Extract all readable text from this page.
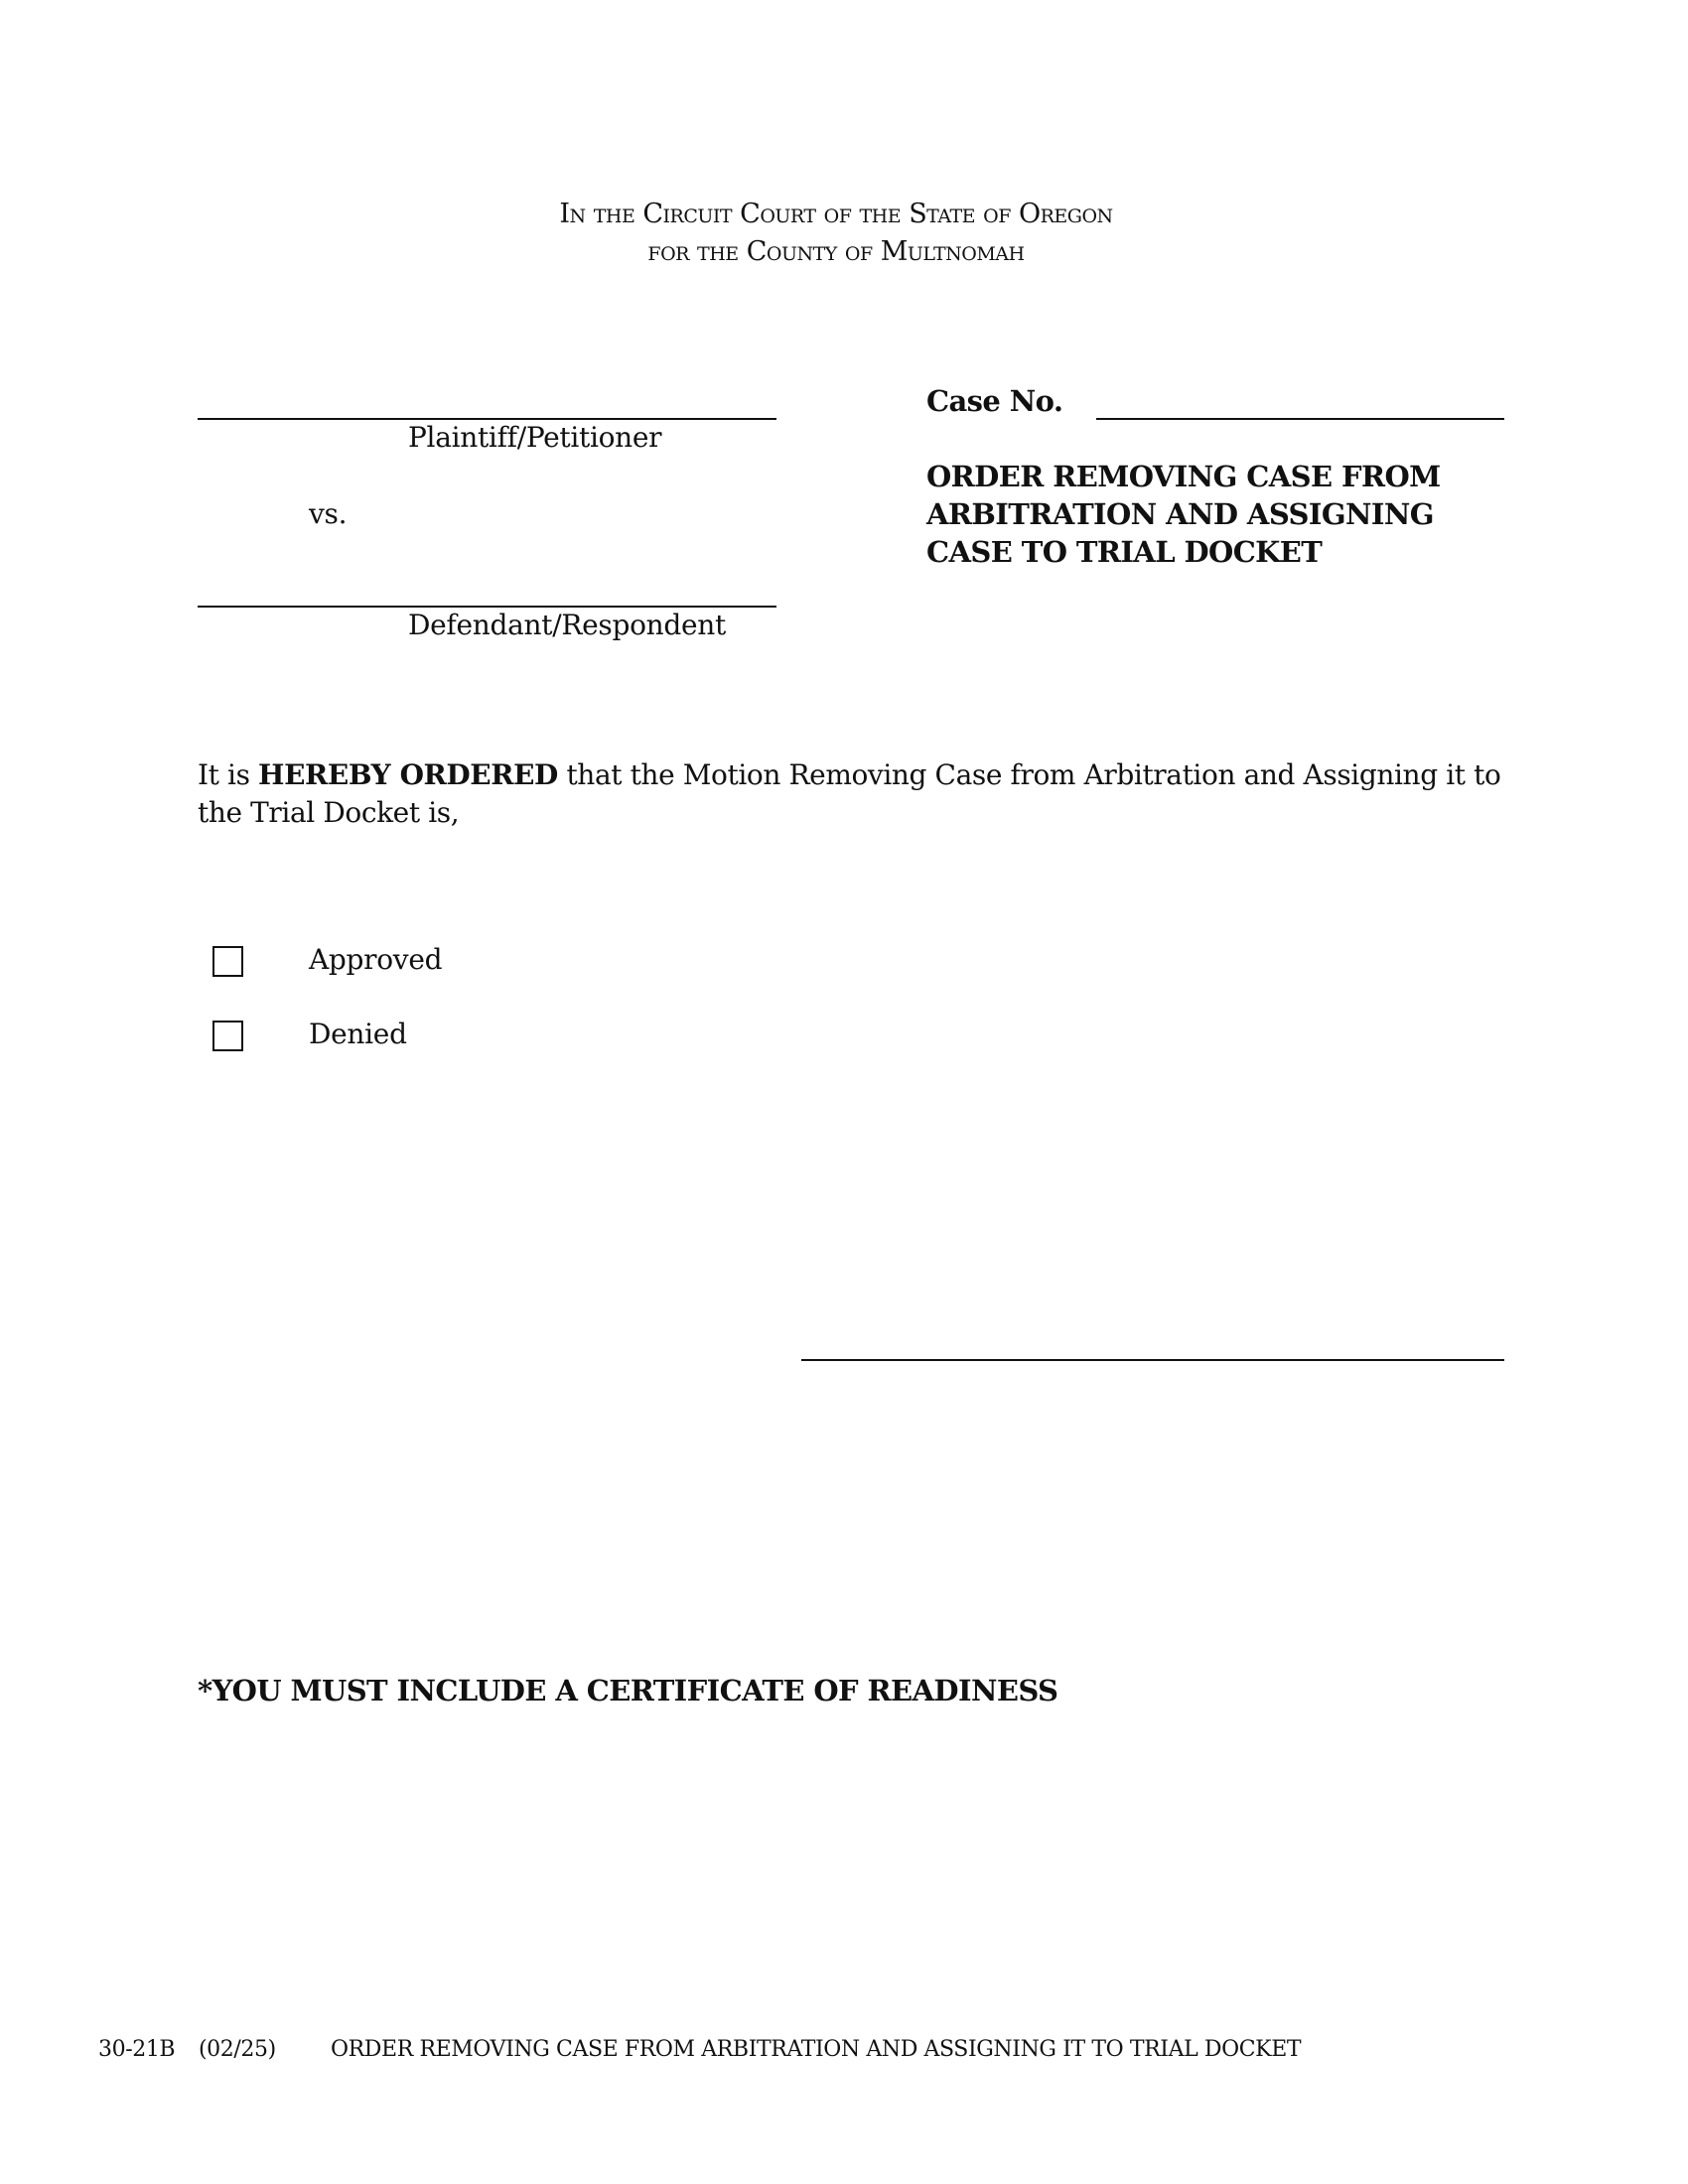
In the Circuit Court of the State of Oregon
for the County of Multnomah
Plaintiff/Petitioner
vs.
Defendant/Respondent
Case No.
ORDER REMOVING CASE FROM
ARBITRATION AND ASSIGNING
CASE TO TRIAL DOCKET
It is HEREBY ORDERED that the Motion Removing Case from Arbitration and Assigning it to the Trial Docket is,
Approved
Denied
*YOU MUST INCLUDE A CERTIFICATE OF READINESS
30-21B (02/25)	ORDER REMOVING CASE FROM ARBITRATION AND ASSIGNING IT TO TRIAL DOCKET
